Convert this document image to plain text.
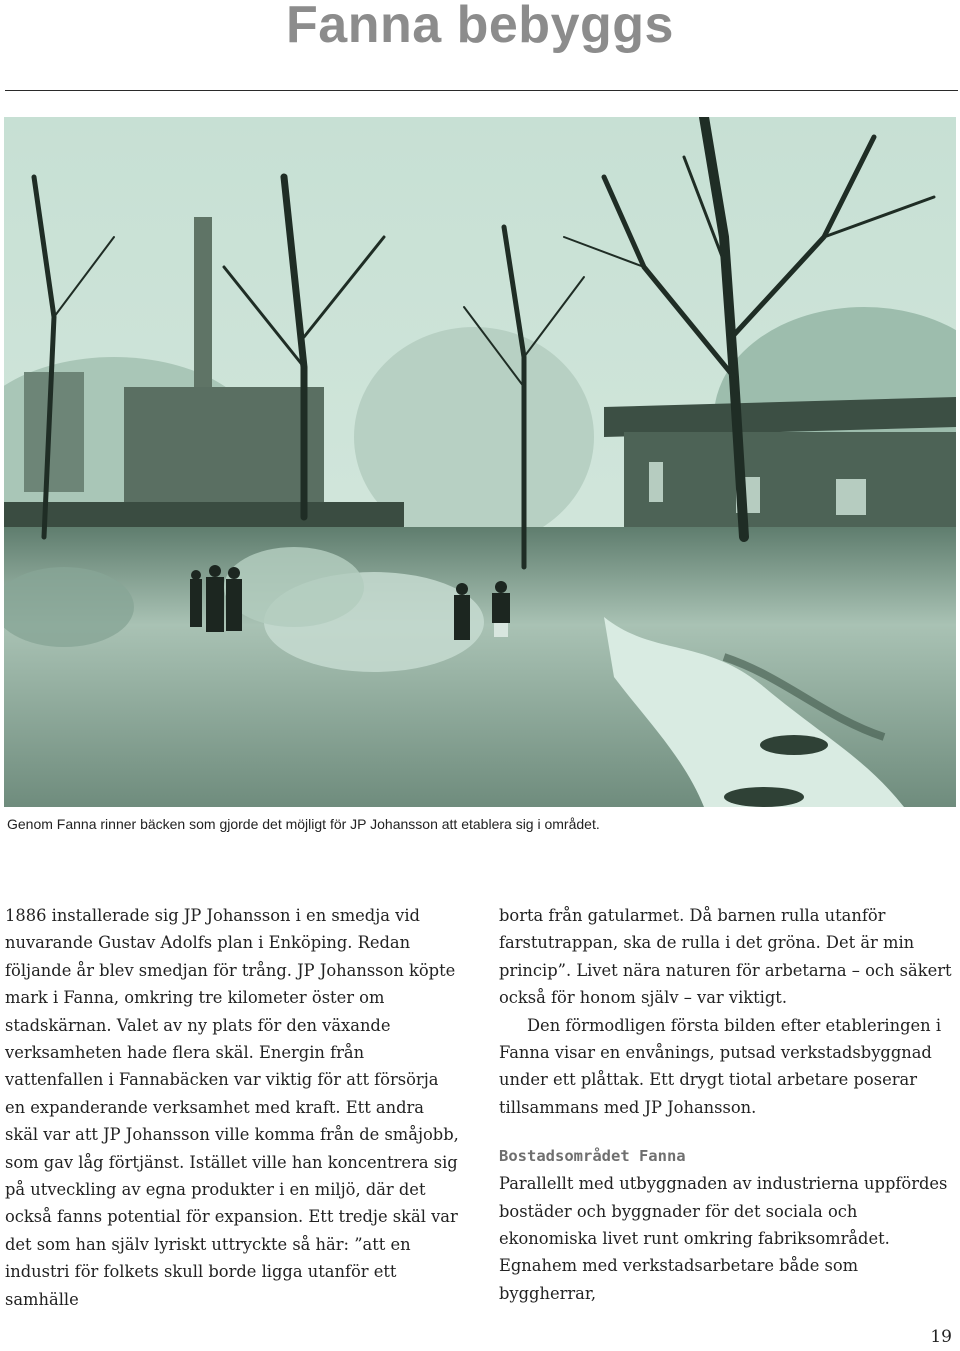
Fanna bebyggs
Genom Fanna rinner bäcken som gjorde det möjligt för JP Johansson att etablera sig i området.

1886 installerade sig JP Johansson i en smedja vid nuvarande Gustav Adolfs plan i Enköping. Redan följande år blev smedjan för trång. JP Johansson köpte mark i Fanna, omkring tre kilometer öster om stadskärnan. Valet av ny plats för den växande verksamheten hade flera skäl. Energin från vattenfallen i Fannabäcken var viktig för att försörja en expanderande verksamhet med kraft. Ett andra skäl var att JP Johansson ville komma från de småjobb, som gav låg förtjänst. Istället ville han koncentrera sig på utveckling av egna produkter i en miljö, där det också fanns potential för expansion. Ett tredje skäl var det som han själv lyriskt uttryckte så här: ”att en industri för folkets skull borde ligga utanför ett samhälle

borta från gatularmet. Då barnen rulla utanför farstutrappan, ska de rulla i det gröna. Det är min princip”. Livet nära naturen för arbetarna – och säkert också för honom själv – var viktigt.

Den förmodligen första bilden efter etableringen i Fanna visar en envånings, putsad verkstadsbyggnad under ett plåttak. Ett drygt tiotal arbetare poserar tillsammans med JP Johansson.

Bostadsområdet Fanna

Parallellt med utbyggnaden av industrierna uppfördes bostäder och byggnader för det sociala och ekonomiska livet runt omkring fabriksområdet. Egnahem med verkstadsarbetare både som byggherrar,

19
